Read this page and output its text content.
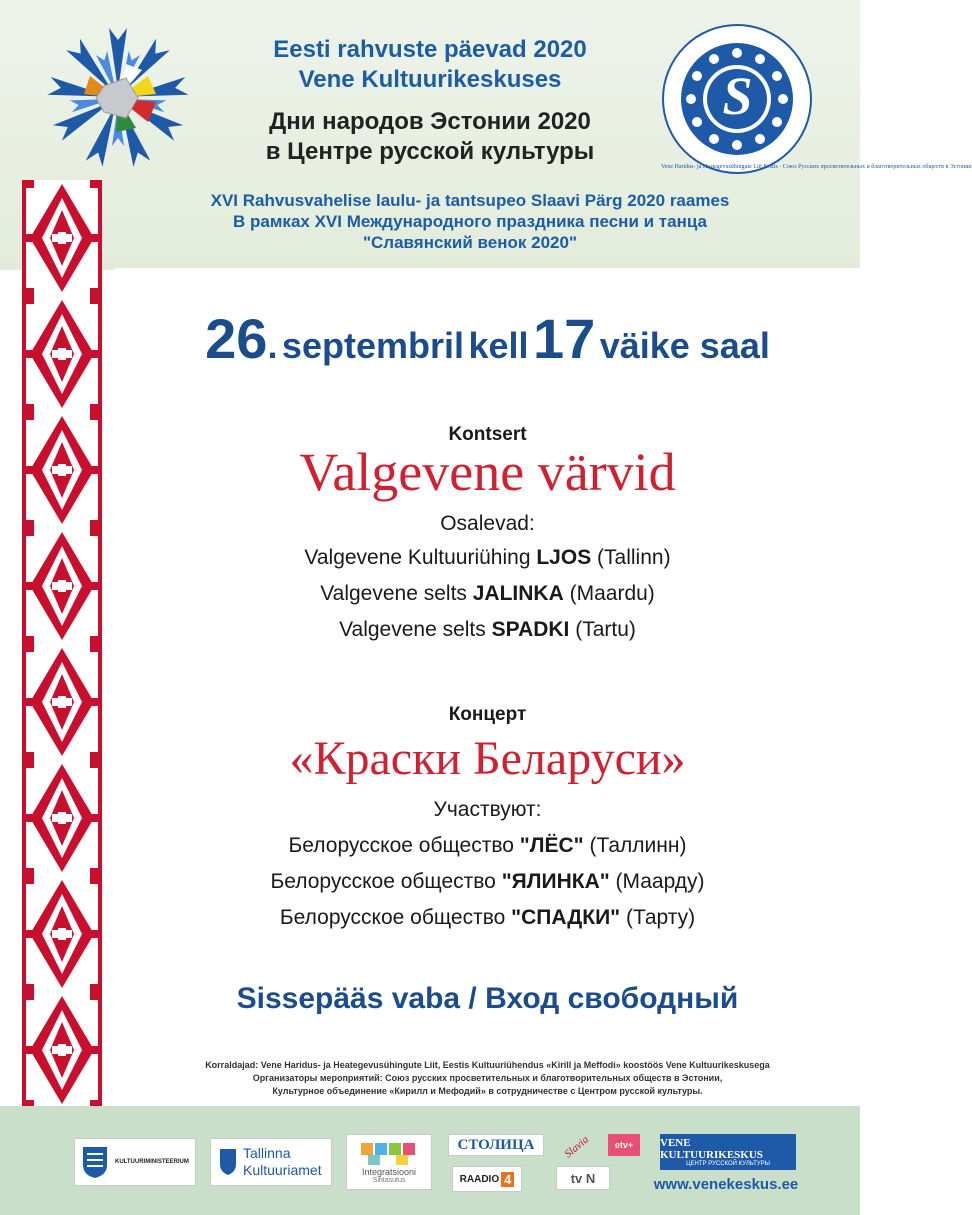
S
Vene Haridus- ja Heategevusühingute Liit Eestis · Союз Русских просветительных и благотворительных обществ в Эстонии
Eesti rahvuste päevad 2020
Vene Kultuurikeskuses
Дни народов Эстонии 2020
в Центре русской культуры
XVI Rahvusvahelise laulu- ja tantsupeo Slaavi Pärg 2020 raames
В рамках XVI Международного праздника песни и танца
"Славянский венок 2020"
26. septembril kell 17 väike saal
Kontsert
Valgevene värvid
Osalevad:
Valgevene Kultuuriühing LJOS (Tallinn)
Valgevene selts JALINKA (Maardu)
Valgevene selts SPADKI (Tartu)
Концерт
«Краски Беларуси»
Участвуют:
Белорусское общество "ЛЁС" (Таллинн)
Белорусское общество "ЯЛИНКА" (Маарду)
Белорусское общество "СПАДКИ" (Тарту)
Sissepääs vaba / Вход свободный
Korraldajad: Vene Haridus- ja Heategevusühingute Liit, Eestis Kultuuriühendus «Kirill ja Meffodi» koostöös Vene Kultuurikeskusega
Организаторы мероприятий: Союз русских просветительных и благотворительных обществ в Эстонии,
Культурное объединение «Кирилл и Мефодий» в сотрудничестве с Центром русской культуры.
KULTUURIMINISTEERIUM
Tallinna
Kultuuriamet	Integratsiooni
Sihtasutus
СТОЛИЦА
RAADIO 4
Slavia	etv+
tv N
VENE KULTUURIKESKUS
ЦЕНТР РУССКОЙ КУЛЬТУРЫ
www.venekeskus.ee
